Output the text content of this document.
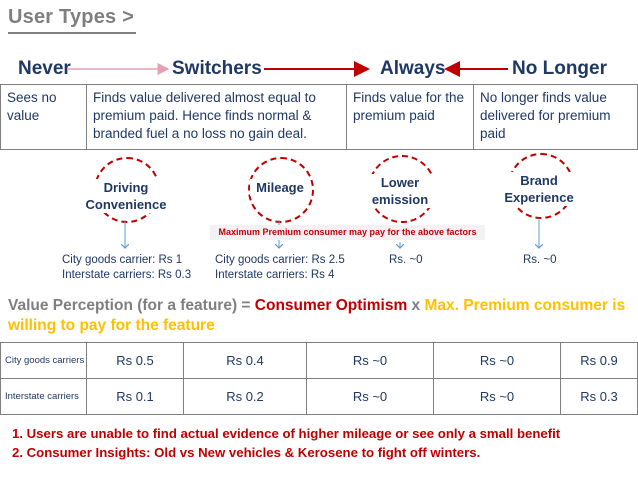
User Types >
Never	Switchers	Always	No Longer
Sees no value	Finds value delivered almost equal to premium paid. Hence finds normal & branded fuel a no loss no gain deal.	Finds value for the premium paid	No longer finds value delivered for premium paid
Driving Convenience
Mileage	Lower emission
Brand Experience
Maximum Premium consumer may pay for the above factors
City goods carrier: Rs 1
Interstate carriers: Rs 0.3
City goods carrier: Rs 2.5
Interstate carriers: Rs 4
Rs. ~0	Rs. ~0
Value Perception (for a feature) = Consumer Optimism x Max. Premium consumer is willing to pay for the feature
City goods carriers	Rs 0.5	Rs 0.4	Rs ~0	Rs ~0	Rs 0.9
Interstate carriers	Rs 0.1	Rs 0.2	Rs ~0	Rs ~0	Rs 0.3
1. Users are unable to find actual evidence of higher mileage or see only a small benefit
2. Consumer Insights: Old vs New vehicles & Kerosene to fight off winters.
